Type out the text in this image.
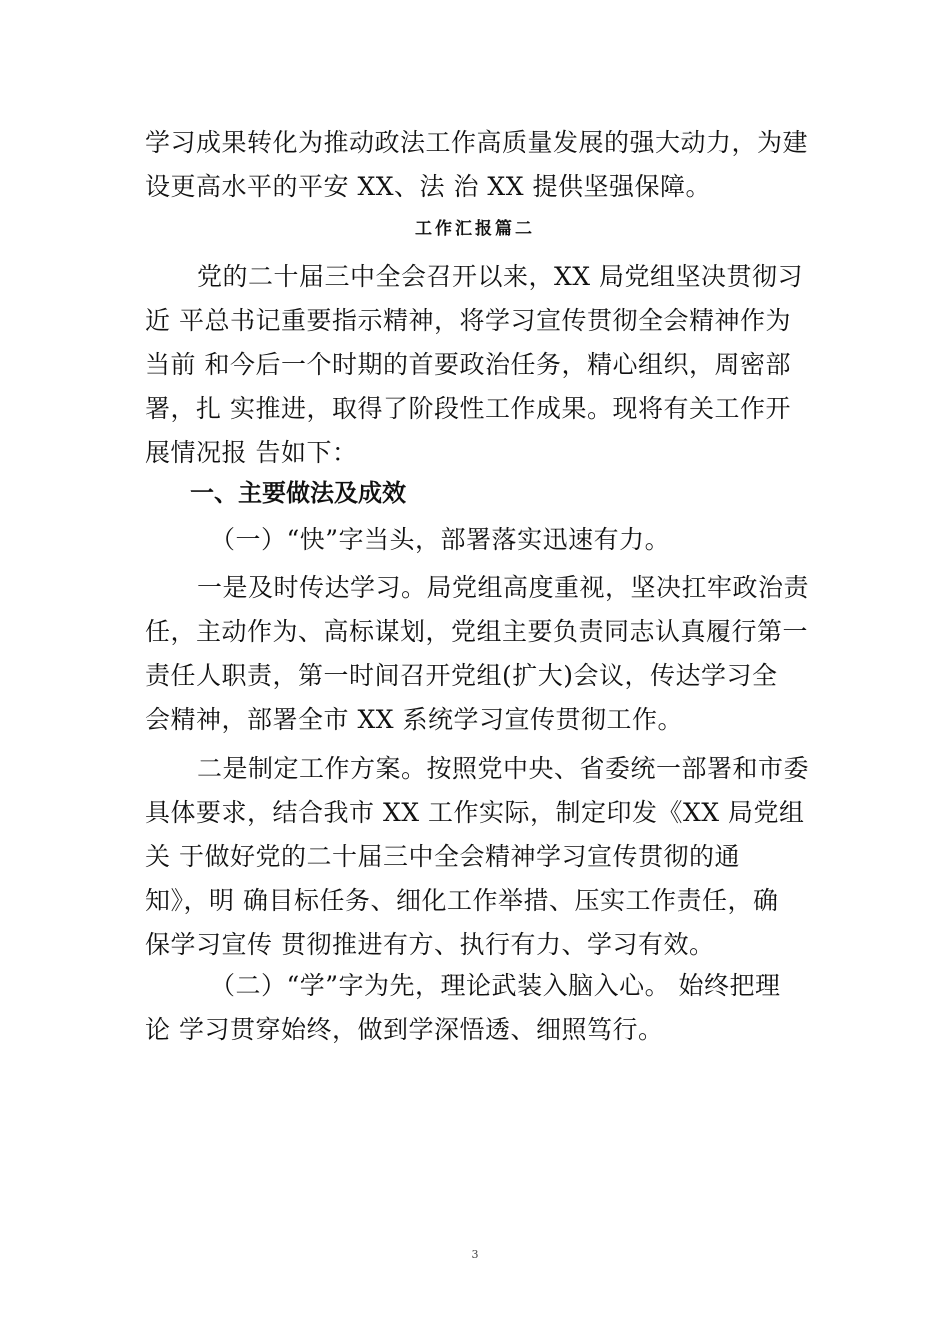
学习成果转化为推动政法工作高质量发展的强大动力，为建
设更高水平的平安 XX、法 治 XX 提供坚强保障。
工作汇报篇二
党的二十届三中全会召开以来，XX 局党组坚决贯彻习
近 平总书记重要指示精神，将学习宣传贯彻全会精神作为
当前 和今后一个时期的首要政治任务，精心组织，周密部
署，扎 实推进，取得了阶段性工作成果。现将有关工作开
展情况报 告如下：
一、主要做法及成效
（一）“快”字当头，部署落实迅速有力。
一是及时传达学习。局党组高度重视，坚决扛牢政治责
任，主动作为、高标谋划，党组主要负责同志认真履行第一
责任人职责，第一时间召开党组(扩大)会议，传达学习全
会精神，部署全市 XX 系统学习宣传贯彻工作。
二是制定工作方案。按照党中央、省委统一部署和市委
具体要求，结合我市 XX 工作实际，制定印发《XX 局党组
关 于做好党的二十届三中全会精神学习宣传贯彻的通
知》，明 确目标任务、细化工作举措、压实工作责任，确
保学习宣传 贯彻推进有方、执行有力、学习有效。
（二）“学”字为先，理论武装入脑入心。 始终把理
论 学习贯穿始终，做到学深悟透、细照笃行。
3
